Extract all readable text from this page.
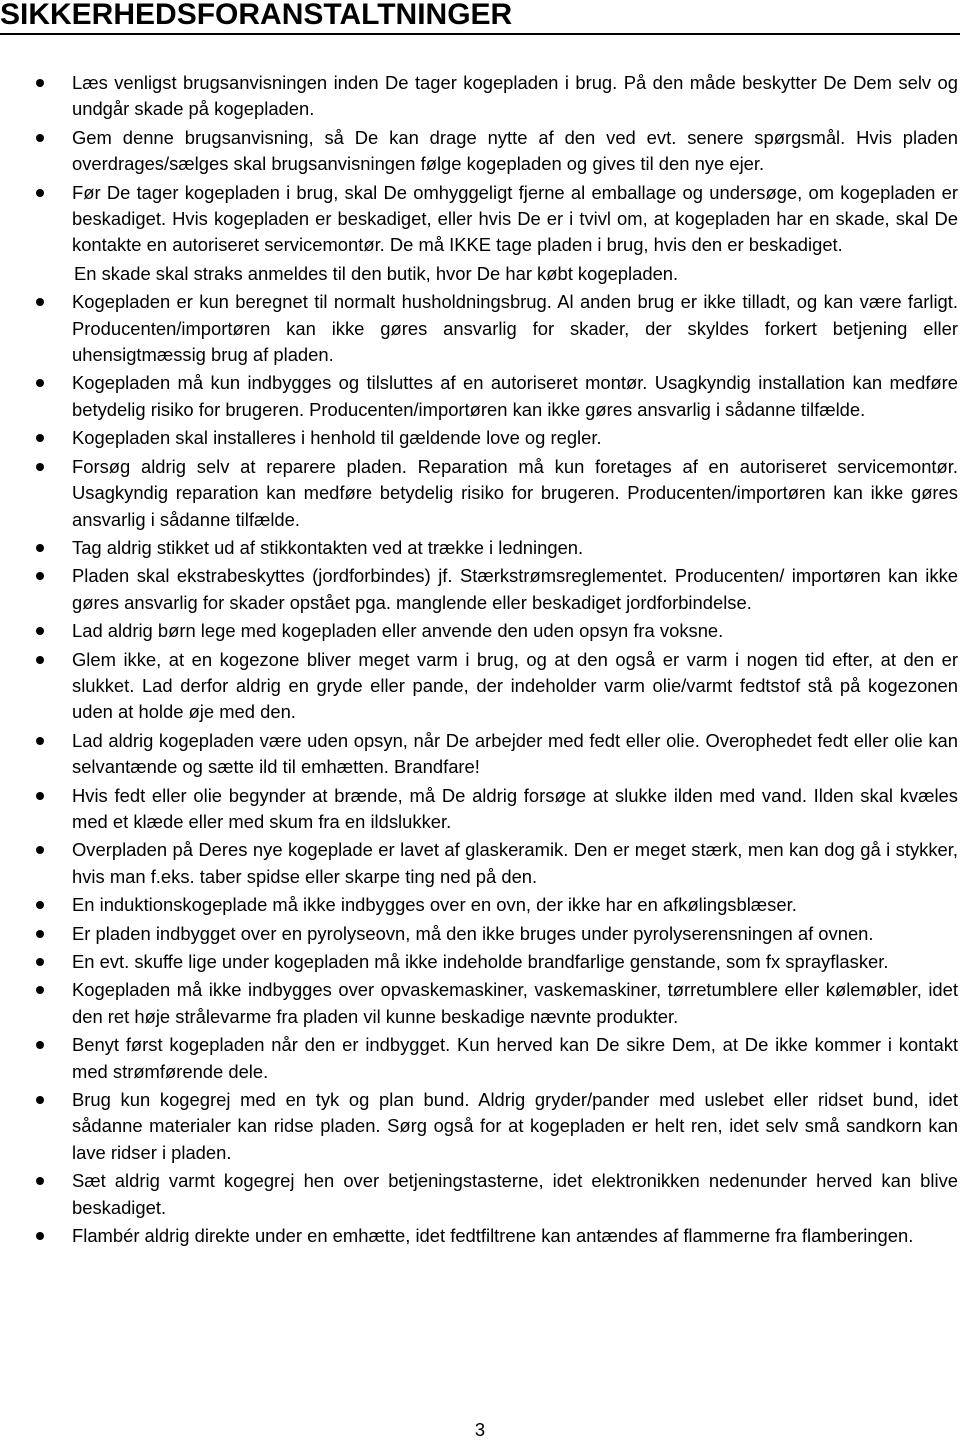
SIKKERHEDSFORANSTALTNINGER
Læs venligst brugsanvisningen inden De tager kogepladen i brug. På den måde beskytter De Dem selv og undgår skade på kogepladen.
Gem denne brugsanvisning, så De kan drage nytte af den ved evt. senere spørgsmål. Hvis pladen overdrages/sælges skal brugsanvisningen følge kogepladen og gives til den nye ejer.
Før De tager kogepladen i brug, skal De omhyggeligt fjerne al emballage og undersøge, om kogepladen er beskadiget. Hvis kogepladen er beskadiget, eller hvis De er i tvivl om, at kogepladen har en skade, skal De kontakte en autoriseret servicemontør. De må IKKE tage pladen i brug, hvis den er beskadiget.
En skade skal straks anmeldes til den butik, hvor De har købt kogepladen.
Kogepladen er kun beregnet til normalt husholdningsbrug. Al anden brug er ikke tilladt, og kan være farligt. Producenten/importøren kan ikke gøres ansvarlig for skader, der skyldes forkert betjening eller uhensigtmæssig brug af pladen.
Kogepladen må kun indbygges og tilsluttes af en autoriseret montør. Usagkyndig installation kan medføre betydelig risiko for brugeren. Producenten/importøren kan ikke gøres ansvarlig i sådanne tilfælde.
Kogepladen skal installeres i henhold til gældende love og regler.
Forsøg aldrig selv at reparere pladen. Reparation må kun foretages af en autoriseret servicemontør. Usagkyndig reparation kan medføre betydelig risiko for brugeren. Producenten/importøren kan ikke gøres ansvarlig i sådanne tilfælde.
Tag aldrig stikket ud af stikkontakten ved at trække i ledningen.
Pladen skal ekstrabeskyttes (jordforbindes) jf. Stærkstrømsreglementet. Producenten/ importøren kan ikke gøres ansvarlig for skader opstået pga. manglende eller beskadiget jordforbindelse.
Lad aldrig børn lege med kogepladen eller anvende den uden opsyn fra voksne.
Glem ikke, at en kogezone bliver meget varm i brug, og at den også er varm i nogen tid efter, at den er slukket. Lad derfor aldrig en gryde eller pande, der indeholder varm olie/varmt fedtstof stå på kogezonen uden at holde øje med den.
Lad aldrig kogepladen være uden opsyn, når De arbejder med fedt eller olie. Overophedet fedt eller olie kan selvantænde og sætte ild til emhætten. Brandfare!
Hvis fedt eller olie begynder at brænde, må De aldrig forsøge at slukke ilden med vand. Ilden skal kvæles med et klæde eller med skum fra en ildslukker.
Overpladen på Deres nye kogeplade er lavet af glaskeramik. Den er meget stærk, men kan dog gå i stykker, hvis man f.eks. taber spidse eller skarpe ting ned på den.
En induktionskogeplade må ikke indbygges over en ovn, der ikke har en afkølingsblæser.
Er pladen indbygget over en pyrolyseovn, må den ikke bruges under pyrolyserensningen af ovnen.
En evt. skuffe lige under kogepladen må ikke indeholde brandfarlige genstande, som fx sprayflasker.
Kogepladen må ikke indbygges over opvaskemaskiner, vaskemaskiner, tørretumblere eller kølemøbler, idet den ret høje strålevarme fra pladen vil kunne beskadige nævnte produkter.
Benyt først kogepladen når den er indbygget. Kun herved kan De sikre Dem, at De ikke kommer i kontakt med strømførende dele.
Brug kun kogegrej med en tyk og plan bund. Aldrig gryder/pander med uslebet eller ridset bund, idet sådanne materialer kan ridse pladen. Sørg også for at kogepladen er helt ren, idet selv små sandkorn kan lave ridser i pladen.
Sæt aldrig varmt kogegrej hen over betjeningstasterne, idet elektronikken nedenunder herved kan blive beskadiget.
Flambér aldrig direkte under en emhætte, idet fedtfiltrene kan antændes af flammerne fra flamberingen.
3
